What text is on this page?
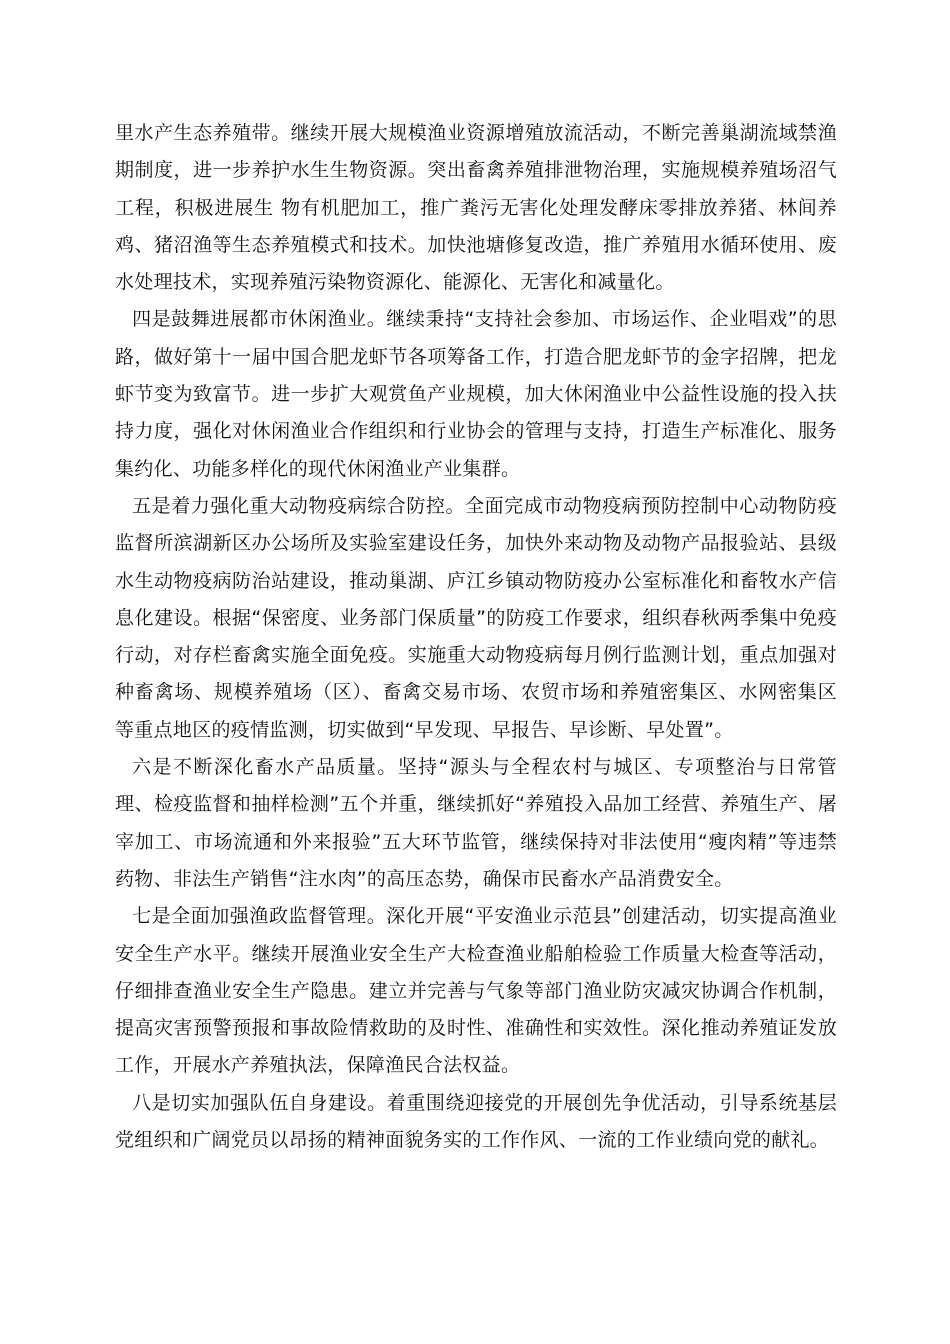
里水产生态养殖带。继续开展大规模渔业资源增殖放流活动，不断完善巢湖流域禁渔期制度，进一步养护水生生物资源。突出畜禽养殖排泄物治理，实施规模养殖场沼气工程，积极进展生 物有机肥加工，推广粪污无害化处理发酵床零排放养猪、林间养鸡、猪沼渔等生态养殖模式和技术。加快池塘修复改造，推广养殖用水循环使用、废水处理技术，实现养殖污染物资源化、能源化、无害化和减量化。

四是鼓舞进展都市休闲渔业。继续秉持“支持社会参加、市场运作、企业唱戏”的思路，做好第十一届中国合肥龙虾节各项筹备工作，打造合肥龙虾节的金字招牌，把龙虾节变为致富节。进一步扩大观赏鱼产业规模，加大休闲渔业中公益性设施的投入扶持力度，强化对休闲渔业合作组织和行业协会的管理与支持，打造生产标准化、服务集约化、功能多样化的现代休闲渔业产业集群。

五是着力强化重大动物疫病综合防控。全面完成市动物疫病预防控制中心动物防疫监督所滨湖新区办公场所及实验室建设任务，加快外来动物及动物产品报验站、县级水生动物疫病防治站建设，推动巢湖、庐江乡镇动物防疫办公室标准化和畜牧水产信息化建设。根据“保密度、业务部门保质量”的防疫工作要求，组织春秋两季集中免疫行动，对存栏畜禽实施全面免疫。实施重大动物疫病每月例行监测计划，重点加强对种畜禽场、规模养殖场（区）、畜禽交易市场、农贸市场和养殖密集区、水网密集区等重点地区的疫情监测，切实做到“早发现、早报告、早诊断、早处置”。

六是不断深化畜水产品质量。坚持“源头与全程农村与城区、专项整治与日常管理、检疫监督和抽样检测”五个并重，继续抓好“养殖投入品加工经营、养殖生产、屠宰加工、市场流通和外来报验”五大环节监管，继续保持对非法使用“瘦肉精”等违禁药物、非法生产销售“注水肉”的高压态势，确保市民畜水产品消费安全。

七是全面加强渔政监督管理。深化开展“平安渔业示范县”创建活动，切实提高渔业安全生产水平。继续开展渔业安全生产大检查渔业船舶检验工作质量大检查等活动，仔细排查渔业安全生产隐患。建立并完善与气象等部门渔业防灾减灾协调合作机制，提高灾害预警预报和事故险情救助的及时性、准确性和实效性。深化推动养殖证发放工作，开展水产养殖执法，保障渔民合法权益。

八是切实加强队伍自身建设。着重围绕迎接党的开展创先争优活动，引导系统基层党组织和广阔党员以昂扬的精神面貌务实的工作作风、一流的工作业绩向党的献礼。
